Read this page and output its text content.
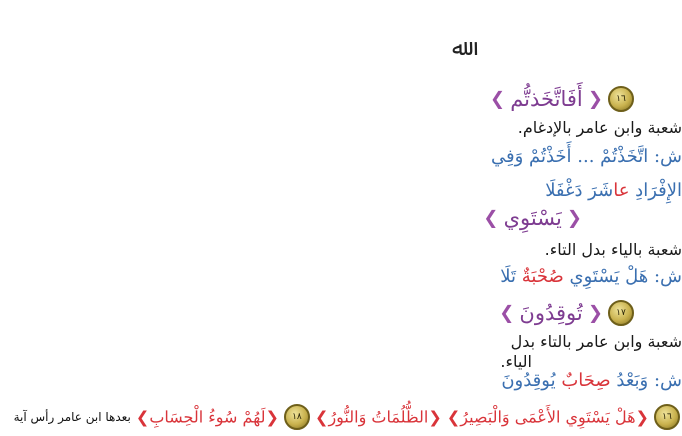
ﷲ
١٦ ❮ أَفَاتَّخَذتُّم ❯
شعبة وابن عامر بالإدغام.
ش: اتَّخَذْتُمْ ... أَخَذْتُمْ وَفِي
الإِفْرَادِ عاشَرَ دَغْفَلَا
❮ يَسْتَوِي ❯
شعبة بالياء بدل التاء.
ش: هَلْ يَسْتَوِي صُحْبَةٌ تَلَا
١٧ ❮ تُوقِدُونَ ❯
شعبة وابن عامر بالتاء بدل
الياء.
ش: وَبَعْدُ صِحَابٌ يُوقِدُونَ
١٦ ❮هَلْ يَسْتَوِي الأَعْمَى وَالْبَصِيرُ❯ ❮الظُّلُمَاتُ وَالنُّورُ❯ ١٨ ❮لَهُمْ سُوءُ الْحِسَابِ❯ بعدها ابن عامر رأس آية
